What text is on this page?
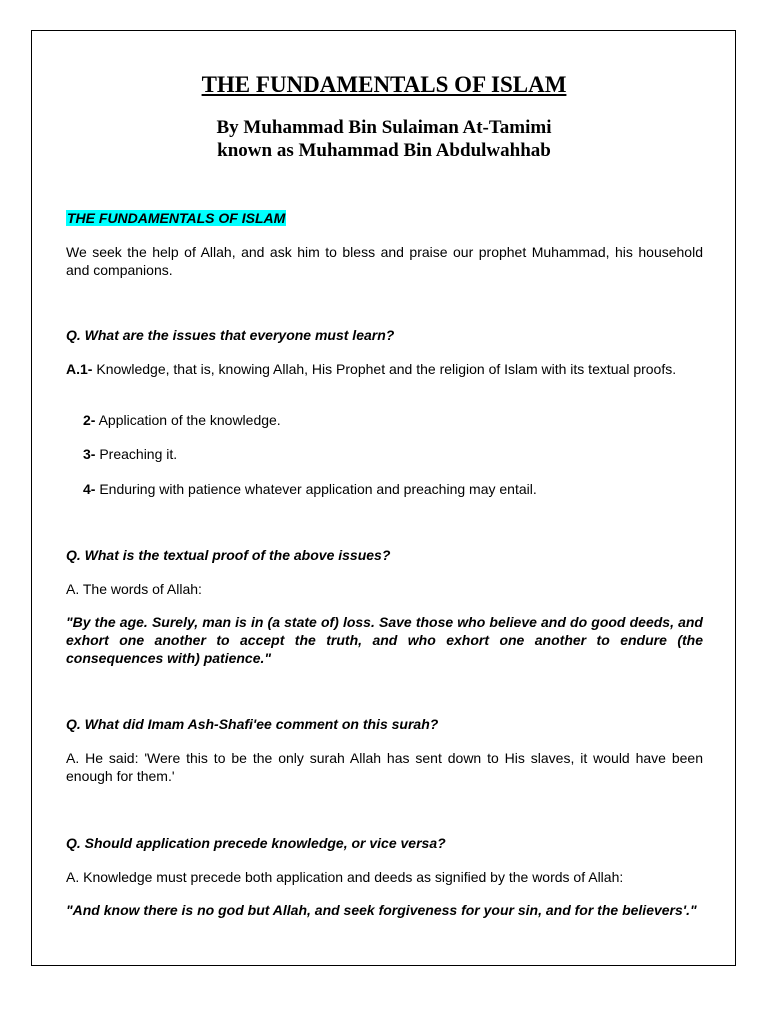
THE FUNDAMENTALS OF ISLAM
By Muhammad Bin Sulaiman At-Tamimi
known as Muhammad Bin Abdulwahhab

THE FUNDAMENTALS OF ISLAM

We seek the help of Allah, and ask him to bless and praise our prophet Muhammad, his household and companions.

Q. What are the issues that everyone must learn?

A.1- Knowledge, that is, knowing Allah, His Prophet and the religion of Islam with its textual proofs.

2- Application of the knowledge.

3- Preaching it.

4- Enduring with patience whatever application and preaching may entail.

Q. What is the textual proof of the above issues?

A. The words of Allah:

"By the age. Surely, man is in (a state of) loss. Save those who believe and do good deeds, and exhort one another to accept the truth, and who exhort one another to endure (the consequences with) patience."

Q. What did Imam Ash-Shafi'ee comment on this surah?

A. He said: 'Were this to be the only surah Allah has sent down to His slaves, it would have been enough for them.'

Q. Should application precede knowledge, or vice versa?

A. Knowledge must precede both application and deeds as signified by the words of Allah:

"And know there is no god but Allah, and seek forgiveness for your sin, and for the believers'."
